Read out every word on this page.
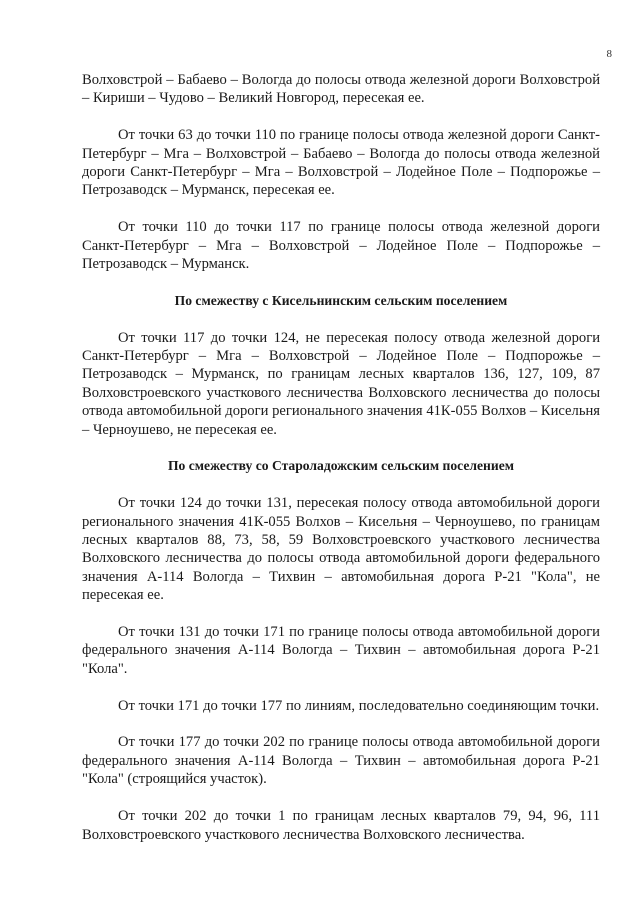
8

Волховстрой – Бабаево – Вологда до полосы отвода железной дороги Волховстрой – Кириши – Чудово – Великий Новгород, пересекая ее.

От точки 63 до точки 110 по границе полосы отвода железной дороги Санкт-Петербург – Мга – Волховстрой – Бабаево – Вологда до полосы отвода железной дороги Санкт-Петербург – Мга – Волховстрой – Лодейное Поле – Подпорожье – Петрозаводск – Мурманск, пересекая ее.

От точки 110 до точки 117 по границе полосы отвода железной дороги Санкт-Петербург – Мга – Волховстрой – Лодейное Поле – Подпорожье – Петрозаводск – Мурманск.

По смежеству с Кисельнинским сельским поселением

От точки 117 до точки 124, не пересекая полосу отвода железной дороги Санкт-Петербург – Мга – Волховстрой – Лодейное Поле – Подпорожье – Петрозаводск – Мурманск, по границам лесных кварталов 136, 127, 109, 87 Волховстроевского участкового лесничества Волховского лесничества до полосы отвода автомобильной дороги регионального значения 41К-055 Волхов – Кисельня – Черноушево, не пересекая ее.

По смежеству со Староладожским сельским поселением

От точки 124 до точки 131, пересекая полосу отвода автомобильной дороги регионального значения 41К-055 Волхов – Кисельня – Черноушево, по границам лесных кварталов 88, 73, 58, 59 Волховстроевского участкового лесничества Волховского лесничества до полосы отвода автомобильной дороги федерального значения А-114 Вологда – Тихвин – автомобильная дорога Р-21 "Кола", не пересекая ее.

От точки 131 до точки 171 по границе полосы отвода автомобильной дороги федерального значения А-114 Вологда – Тихвин – автомобильная дорога Р-21 "Кола".

От точки 171 до точки 177 по линиям, последовательно соединяющим точки.

От точки 177 до точки 202 по границе полосы отвода автомобильной дороги федерального значения А-114 Вологда – Тихвин – автомобильная дорога Р-21 "Кола" (строящийся участок).

От точки 202 до точки 1 по границам лесных кварталов 79, 94, 96, 111 Волховстроевского участкового лесничества Волховского лесничества.
